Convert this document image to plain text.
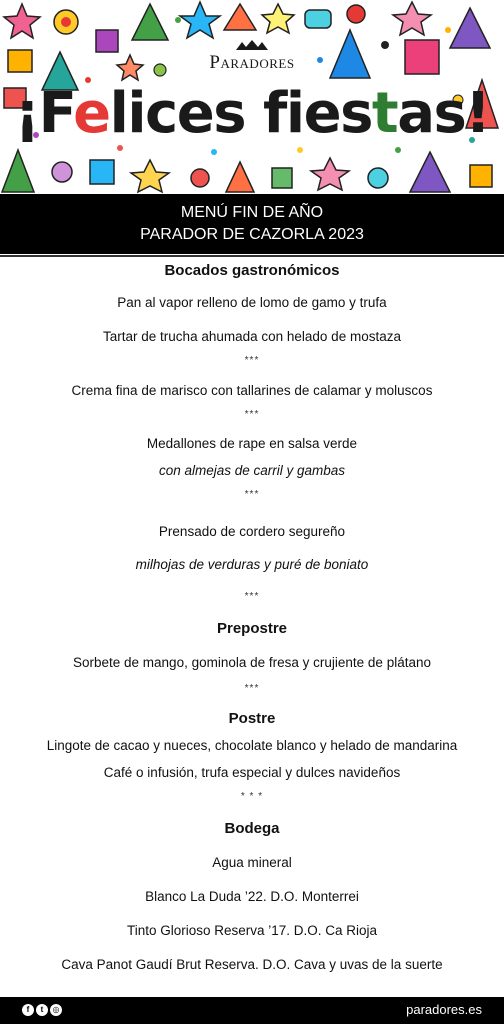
Paradores
¡Felices fiestas!
MENÚ FIN DE AÑO
PARADOR DE CAZORLA 2023
Bocados gastronómicos
Pan al vapor relleno de lomo de gamo y trufa
Tartar de trucha ahumada con helado de mostaza
***
Crema fina de marisco con tallarines de calamar y moluscos
***
Medallones de rape en salsa verde
con almejas de carril y gambas
***
Prensado de cordero segureño
milhojas de verduras y puré de boniato
***
Prepostre
Sorbete de mango, gominola de fresa y crujiente de plátano
***
Postre
Lingote de cacao y nueces, chocolate blanco y helado de mandarina
Café o infusión, trufa especial y dulces navideños
* * *
Bodega
Agua mineral
Blanco La Duda ’22. D.O. Monterrei
Tinto Glorioso Reserva ’17. D.O. Ca Rioja
Cava Panot Gaudí Brut Reserva. D.O. Cava y uvas de la suerte
f	t	◎	paradores.es
